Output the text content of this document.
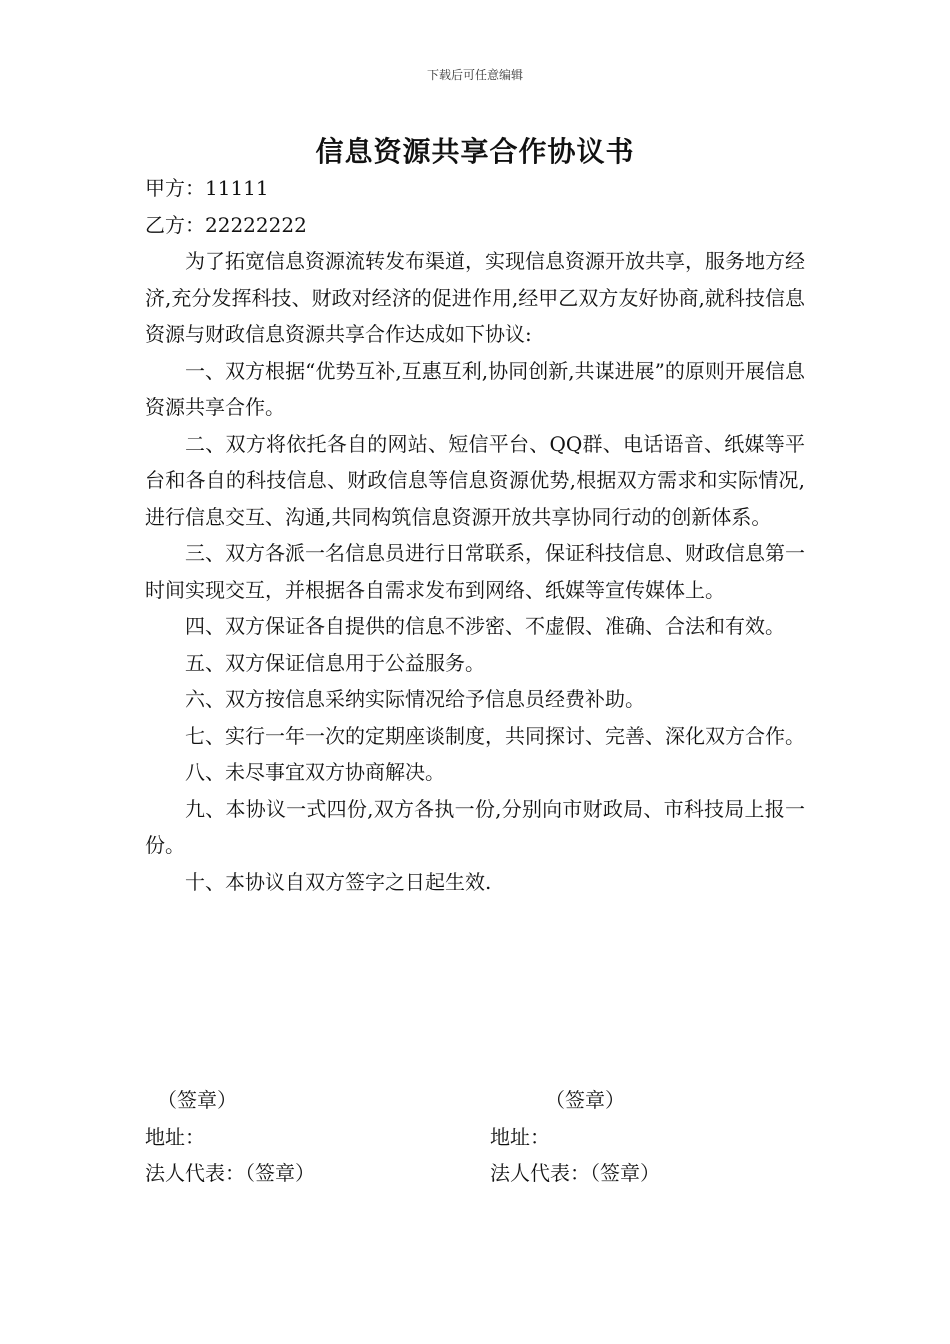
下载后可任意编辑
信息资源共享合作协议书

甲方：11111

乙方：22222222

为了拓宽信息资源流转发布渠道，实现信息资源开放共享，服务地方经济,充分发挥科技、财政对经济的促进作用,经甲乙双方友好协商,就科技信息资源与财政信息资源共享合作达成如下协议:

一、双方根据“优势互补,互惠互利,协同创新,共谋进展”的原则开展信息资源共享合作。

二、双方将依托各自的网站、短信平台、QQ群、电话语音、纸媒等平台和各自的科技信息、财政信息等信息资源优势,根据双方需求和实际情况,进行信息交互、沟通,共同构筑信息资源开放共享协同行动的创新体系。

三、双方各派一名信息员进行日常联系，保证科技信息、财政信息第一时间实现交互，并根据各自需求发布到网络、纸媒等宣传媒体上。

四、双方保证各自提供的信息不涉密、不虚假、准确、合法和有效。

五、双方保证信息用于公益服务。

六、双方按信息采纳实际情况给予信息员经费补助。

七、实行一年一次的定期座谈制度，共同探讨、完善、深化双方合作。

八、未尽事宜双方协商解决。

九、本协议一式四份,双方各执一份,分别向市财政局、市科技局上报一份。

十、本协议自双方签字之日起生效.

（签章）	（签章）
地址：	地址：
法人代表：（签章）	法人代表：（签章）
